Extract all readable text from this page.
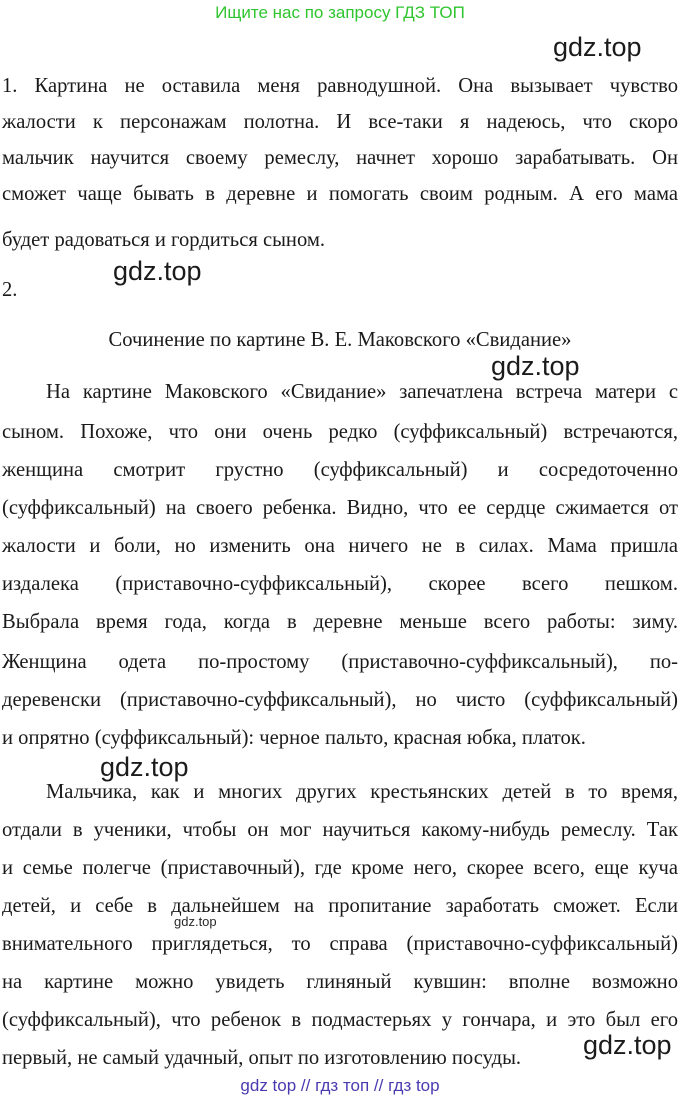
Ищите нас по запросу ГДЗ ТОП
gdz.top
1. Картина не оставила меня равнодушной. Она вызывает чувство
жалости к персонажам полотна. И все-таки я надеюсь, что скоро
мальчик научится своему ремеслу, начнет хорошо зарабатывать. Он
сможет чаще бывать в деревне и помогать своим родным. А его мама
будет радоваться и гордиться сыном.
gdz.top
2.
Сочинение по картине В. Е. Маковского «Свидание»
gdz.top
На картине Маковского «Свидание» запечатлена встреча матери с
сыном. Похоже, что они очень редко (суффиксальный) встречаются,
женщина смотрит грустно (суффиксальный) и сосредоточенно
(суффиксальный) на своего ребенка. Видно, что ее сердце сжимается от
жалости и боли, но изменить она ничего не в силах. Мама пришла
издалека (приставочно-суффиксальный), скорее всего пешком.
Выбрала время года, когда в деревне меньше всего работы: зиму.
Женщина одета по-простому (приставочно-суффиксальный), по-
деревенски (приставочно-суффиксальный), но чисто (суффиксальный)
и опрятно (суффиксальный): черное пальто, красная юбка, платок.
gdz.top
Мальчика, как и многих других крестьянских детей в то время,
отдали в ученики, чтобы он мог научиться какому-нибудь ремеслу. Так
и семье полегче (приставочный), где кроме него, скорее всего, еще куча
детей, и себе в дальнейшем на пропитание заработать сможет. Если
gdz.top
внимательного приглядеться, то справа (приставочно-суффиксальный)
на картине можно увидеть глиняный кувшин: вполне возможно
(суффиксальный), что ребенок в подмастерьях у гончара, и это был его
первый, не самый удачный, опыт по изготовлению посуды.	gdz.top
gdz top // гдз топ // гдз top
